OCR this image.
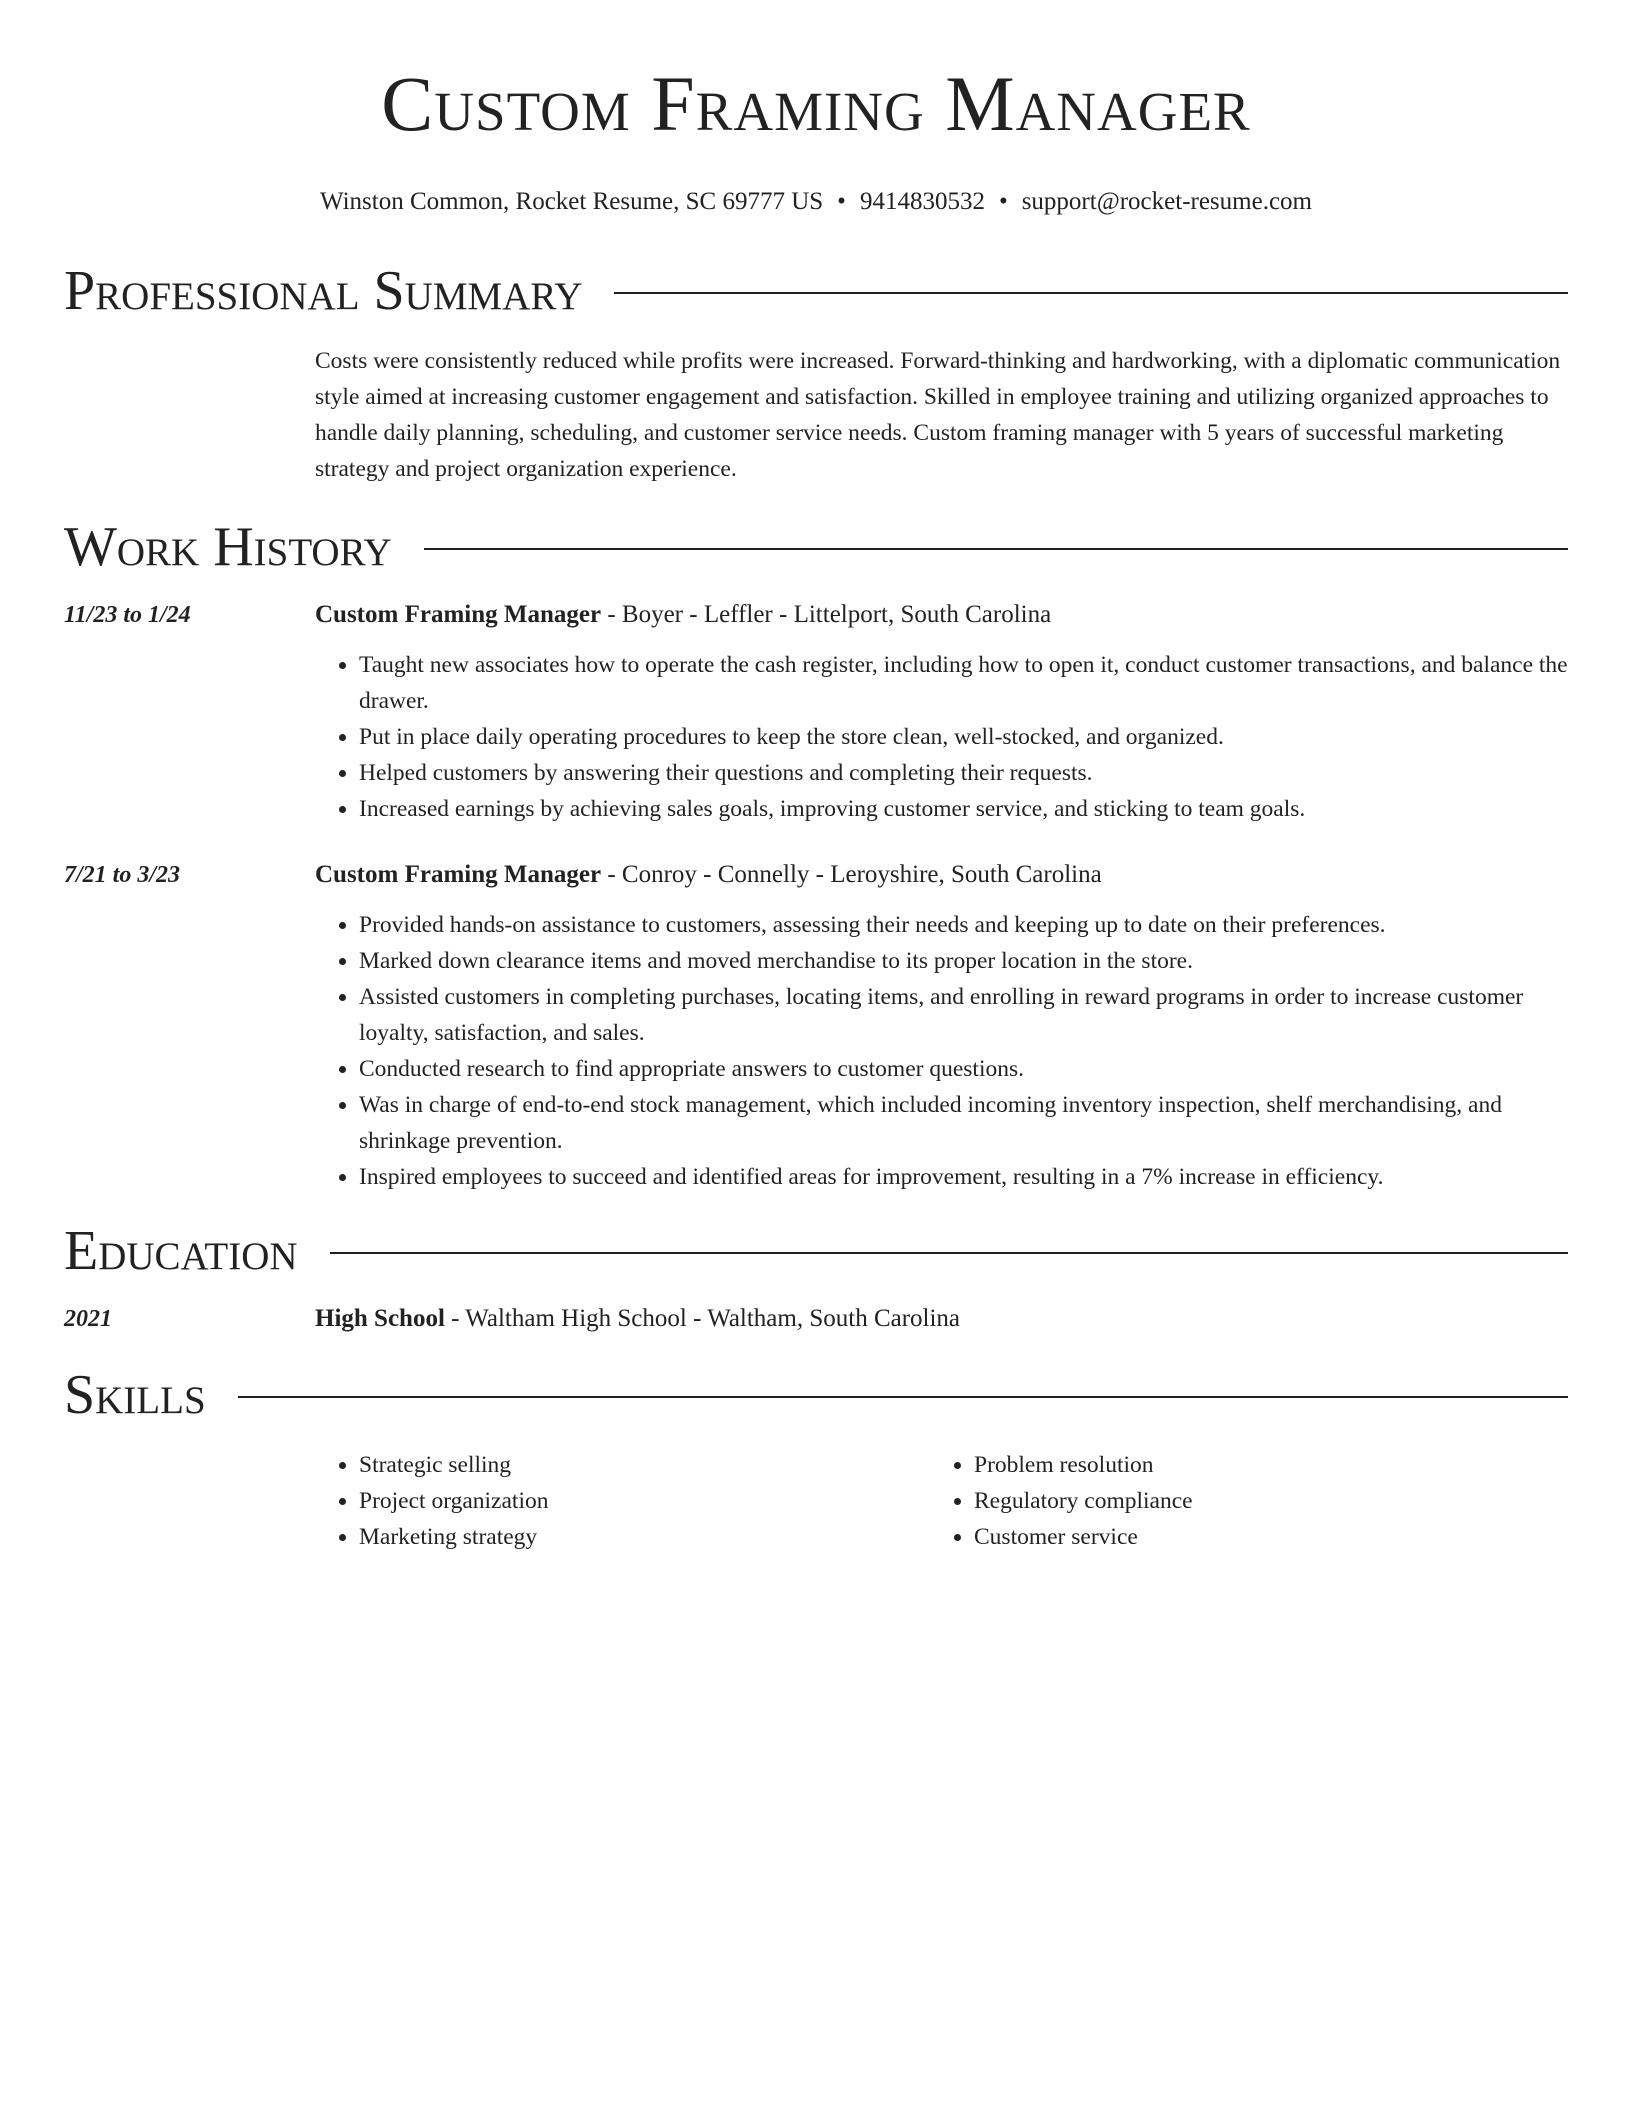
Custom Framing Manager
Winston Common, Rocket Resume, SC 69777 US • 9414830532 • support@rocket-resume.com
Professional Summary
Costs were consistently reduced while profits were increased. Forward-thinking and hardworking, with a diplomatic communication style aimed at increasing customer engagement and satisfaction. Skilled in employee training and utilizing organized approaches to handle daily planning, scheduling, and customer service needs. Custom framing manager with 5 years of successful marketing strategy and project organization experience.
Work History
11/23 to 1/24	Custom Framing Manager - Boyer - Leffler - Littelport, South Carolina
• Taught new associates how to operate the cash register, including how to open it, conduct customer transactions, and balance the drawer.
• Put in place daily operating procedures to keep the store clean, well-stocked, and organized.
• Helped customers by answering their questions and completing their requests.
• Increased earnings by achieving sales goals, improving customer service, and sticking to team goals.
7/21 to 3/23	Custom Framing Manager - Conroy - Connelly - Leroyshire, South Carolina
• Provided hands-on assistance to customers, assessing their needs and keeping up to date on their preferences.
• Marked down clearance items and moved merchandise to its proper location in the store.
• Assisted customers in completing purchases, locating items, and enrolling in reward programs in order to increase customer loyalty, satisfaction, and sales.
• Conducted research to find appropriate answers to customer questions.
• Was in charge of end-to-end stock management, which included incoming inventory inspection, shelf merchandising, and shrinkage prevention.
• Inspired employees to succeed and identified areas for improvement, resulting in a 7% increase in efficiency.
Education
2021	High School - Waltham High School - Waltham, South Carolina
Skills
• Strategic selling
• Project organization
• Marketing strategy
• Problem resolution
• Regulatory compliance
• Customer service
